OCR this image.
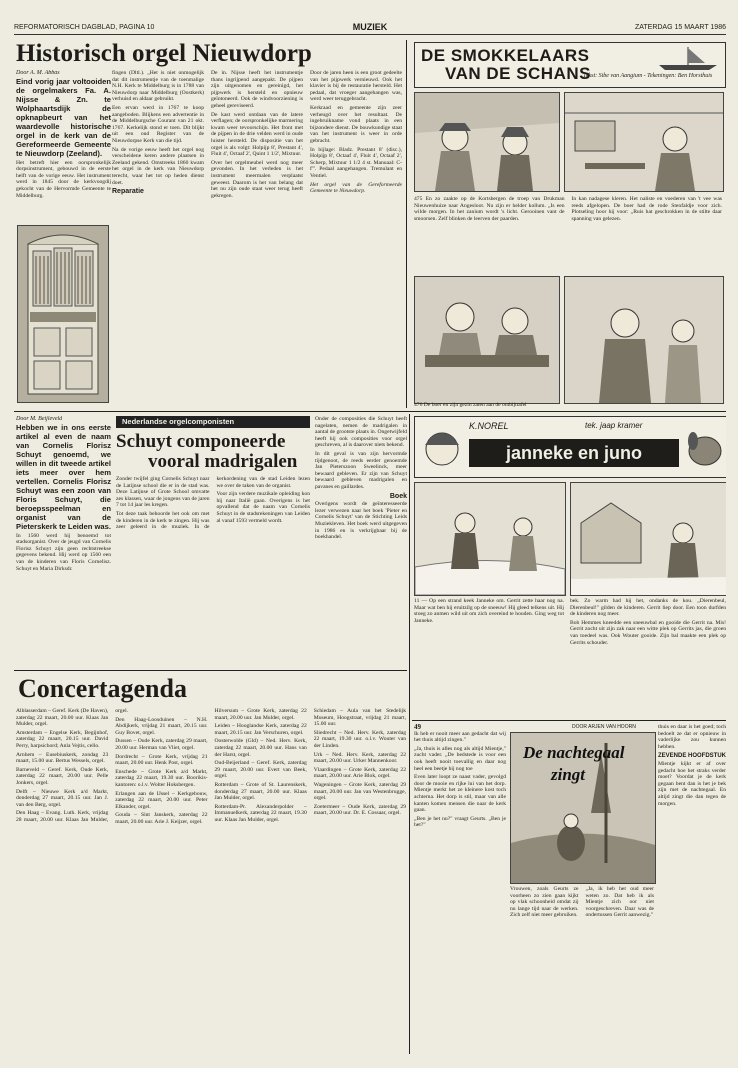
REFORMATORISCH DAGBLAD, PAGINA 10	MUZIEK	ZATERDAG 15 MAART 1986
Historisch orgel Nieuwdorp
Door A. M. Abbas

Eind vorig jaar voltooiden de orgelmakers Fa. A. Nijsse & Zn. te Wolphaartsdijk de opknapbeurt van het waardevolle historische orgel in de kerk van de Gereformeerde Gemeente te Nieuwdorp (Zeeland).

Het betreft hier een oorspronkelijk dorpsinstrument, gebouwd in de eerste helft van de vorige eeuw. Het instrument werd in 1845 door de kerkvoogdij gekocht van de Hervormde Gemeente te Middelburg.

fingen (Dltl.). „Het is niet onmogelijk dat dit instrumentje van de toenmalige N.H. Kerk te Middelburg is in 1788 van Nieuwdorp naar Middelburg (Oostkerk) verhuisd en aldaar gebruikt.

Een ervan werd in 1767 te koop aangeboden. Blijkens een advertentie in de Middelburgsche Courant van 21 okt. 1767. Kerkelijk stond er toen. Dit blijkt uit een oud Register van de Nieuwdorpse Kerk van die tijd.

Na de vorige eeuw heeft het orgel nog verscheidene keren andere plaatsen in Zeeland gekend. Omstreeks 1860 kwam het orgel in de kerk van Nieuwdorp terecht, waar het tot op heden dienst doet.

Reparatie

De in. Nijsse heeft het instrumentje thans ingrijpend aangepakt. De pijpen zijn uitgenomen en gereinigd, het pijpwerk is hersteld en opnieuw geïntoneerd. Ook de windvoorziening is geheel gereviseerd.

De kast werd ontdaan van de latere verflagen; de oorspronkelijke marmering kwam weer tevoorschijn. Het front met de pijpen in de drie velden werd in oude luister hersteld. De dispositie van het orgel is als volgt: Holpijp 8', Prestant 4', Fluit 4', Octaaf 2', Quint 1 1/2', Mixtuur.

Over het orgelmeubel werd nog meer gevonden. In het verleden is het instrument meermalen verplaatst geweest. Daarom is het van belang dat het nu zijn oude staat weer terug heeft gekregen.

Door de jaren heen is een groot gedeelte van het pijpwerk vernieuwd. Ook het klavier is bij de restauratie hersteld. Het pedaal, dat vroeger aangehangen was, werd weer teruggebracht.

Kerkraad en gemeente zijn zeer verheugd over het resultaat. De ingebruikname vond plaats in een bijzondere dienst. De bouwkundige staat van het instrument is weer in orde gebracht.

In bijlage: Bladz. Prestant 8' (disc.), Holpijp 8', Octaaf 4', Fluit 4', Octaaf 2', Scherp, Mixtuur 1 1/2 4 st. Manuaal: C-f'''. Pedaal aangehangen. Tremulant en Ventiel.

Het orgel van de Gereformeerde Gemeente te Nieuwdorp.

DE SMOKKELAARS
VAN DE SCHANS
Tekst: Sibe van Aangium - Tekeningen: Ben Horsthuis

475 En zo zaakte op de Kortsbergen de troep van Drukman Nieuwenhuize naar Angesloot. Nu zijn er helder kollum. „Is een wilde morgen. In het zanium wordt 's licht. Gerooinen vant de smoorsen. Zelf blinken de leerven der paarden.

In kan nadagese kleren. Het naliste en voederen van 't vee was reeds afgelopen. De boer had de rode Stenfaldje voor zich. Plotseling hoor hij voor: „Ruis hat geschrokken in de stilte daar spanning van gelezen.

476 De boer en zijn gezin zaten aan de ontbijttafel
Door M. Beijleveld

Hebben we in ons eerste artikel al even de naam van Cornelis Florisz Schuyt genoemd, we willen in dit tweede artikel iets meer over hem vertellen. Cornelis Florisz Schuyt was een zoon van Floris Schuyt, die beroepsspeelman en organist van de Pieterskerk te Leiden was.

In 1560 werd hij benoemd tot stadsorganist. Over de jeugd van Cornelis Florisz Schuyt zijn geen rechtstreekse gegevens bekend. Hij werd op 1560 een van de kinderen van Floris Cornelisz. Schuyt en Maria Dirksdr.

Nederlandse orgelcomponisten
Schuyt componeerde
vooral madrigalen

Zonder twijfel ging Cornelis Schuyt naar de Latijnse school die er in de stad was. Deze Latijnse of Grote School omvatte zes klassen, waar de jongens van de jaren 7 tot 14 jaar les kregen.

Tot deze taak behoorde het ook om met de kinderen in de kerk te zingen. Hij was zeer geleerd in de muziek. In de kerkordening van de stad Leiden lezen we over de taken van de organist.

Voor zijn verdere muzikale opleiding kon hij naar Italië gaan. Overigens is het opvallend dat de naam van Cornelis Schuyt in de stadsrekeningen van Leiden al vanaf 1593 vermeld wordt.

Onder de composities die Schuyt heeft nagelaten, nemen de madrigalen in aantal de grootste plaats in. Ongetwijfeld heeft hij ook composities voor orgel geschreven, al is daarover niets bekend.

In dit geval is van zijn hervormde tijdgenoot, de reeds eerder genoemde Jan Pieterszoon Sweelinck, meer bewaard gebleven. Er zijn van Schuyt bewaard gebleven madrigalen en pavanes en gaillardes.

Boek

Overigens wordt de geïnteresseerde lezer verwezen naar het boek 'Pieter en Cornelis Schuyt' van de Stichting Leids Muziekleven. Het boek werd uitgegeven in 1986 en is verkrijgbaar bij de boekhandel.

Concertagenda

Alblasserdam – Geref. Kerk (De Haven), zaterdag 22 maart, 20.00 uur. Klaas Jan Mulder, orgel.

Amsterdam – Engelse Kerk, Begijnhof, zaterdag 22 maart, 20.15 uur. David Perry, harpsichord; Anla Vejtis, cello.

Arnhem – Eusebiuskerk, zondag 23 maart, 15.00 uur. Bertus Wessels, orgel.

Barneveld – Geref. Kerk, Oude Kerk, zaterdag 22 maart, 20.00 uur. Pelle Jonkers, orgel.

Delft – Nieuwe Kerk a/d Markt, donderdag 27 maart, 20.15 uur. Jan J. van den Berg, orgel.

Den Haag – Evang. Luth. Kerk, vrijdag 28 maart, 20.00 uur. Klaas Jan Mulder, orgel.

Den Haag-Loosduinen – N.H. Abdijkerk, vrijdag 21 maart, 20.15 uur. Guy Bovet, orgel.

Dussen – Oude Kerk, zaterdag 29 maart, 20.00 uur. Herman van Vliet, orgel.

Dordrecht – Grote Kerk, vrijdag 21 maart, 20.00 uur. Henk Post, orgel.

Enschede – Grote Kerk a/d Markt, zaterdag 22 maart, 19.30 uur. Boorikis-kantoren: o.l.v. Wolter Hoksbergen.

Erlangen aan de IJssel – Kerkgebouw, zaterdag 22 maart, 20.00 uur. Peter Elkander, orgel.

Gouda – Sint Janskerk, zaterdag 22 maart, 20.00 uur. Arie J. Keijzer, orgel.

Hilversum – Grote Kerk, zaterdag 22 maart, 20.00 uur. Jan Mulder, orgel.

Leiden – Hooglandse Kerk, zaterdag 22 maart, 20.15 uur. Jan Verschuren, orgel.

Oosterwolde (Gld) – Ned. Herv. Kerk, zaterdag 22 maart, 20.00 uur. Hans van der Harst, orgel.

Oud-Beijerland – Geref. Kerk, zaterdag 29 maart, 20.00 uur. Evert van Beek, orgel.

Rotterdam – Grote of St. Laurenskerk, donderdag 27 maart, 20.00 uur. Klaas Jan Mulder, orgel.

Rotterdam-Pr. Alexanderpolder – Immanuelkerk, zaterdag 22 maart, 19.30 uur. Klaas Jan Mulder, orgel.

Schiedam – Aula van het Stedelijk Museum, Hoogstraat, vrijdag 21 maart, 15.00 uur.

Sliedrecht – Ned. Herv. Kerk, zaterdag 22 maart, 19.30 uur. o.l.v. Wouter van der Linden.

Urk – Ned. Herv. Kerk, zaterdag 22 maart, 20.00 uur. Urker Mannenkoor.

Vlaardingen – Grote Kerk, zaterdag 22 maart, 20.00 uur. Arie Blok, orgel.

Wageningen – Grote Kerk, zaterdag 29 maart, 20.00 uur. Jan van Westenbrugge, orgel.

Zoetermeer – Oude Kerk, zaterdag 29 maart, 20.00 uur. Dr. E. Cossaar, orgel.

K.NOREL	tek. jaap kramer
janneke en juno
11 — Op een strand keek Janneke om. Gerrit zette haar nog na. Maar wat ben hij eruitzilg op de sneeuw! Hij gleed telkens uit. Hij stoeg zo anmen wild uit om zich overeind te houden. Ging weg tot Janneke.

bek. Zo warm had hij het, ondanks de kou. „Dierenbeul, Dierenbeul!" gilden de kinderen. Gerrit liep door. Een toon durfden de kinderen nog meer.

Bob Hemmes kneedde een sneeuwbal en gooide die Gerrit na. Mis! Gerrit zocht uit zijn zak naar een witte plek op Gerrits jas, die groen van toedeel was. Ook Wouter gooide. Zijn bal maakte een plek op Gerrits schouder.

49

Ik heb er nooit meer aan gedacht dat wij het thuis altijd zingen."

„Ja, thuis is alles nog als altijd Mientje," zucht vader. „De bedstede is voor een ook heeft nooit toevallig en daar nog heel een beetje hij nog toe

Even later loopt ze naast vader, gevolgd door de mooie en rijke lui van het dorp. Mientje merkt het ze kleinere kost toch achterna. Het dorp is stil, maar van alle kanten komen mensen die naar de kerk gaan.

„Ben je het nu?" vraagt Geurts. „Ben je het?"

DOOR ARJEN VAN HOORN
De nachtegaal
zingt

Vrouwen, zoals Geurts ze voorheen zo zien gaan kijkt op vlak schoonheid omdat zij nu lange tijd naar de werken. Zich zelf niet meer gebruiken.

„Ja, ik heb het oud meer weten zo. Dat heb ik als Mientje zich oor niet voorgeschreven. Daar was de ondertussen Gerrit aanwezig."

thuis en daar is het goed; toch bedoelt ze dat er opnieuw in vaderlijke zou kunnen hebben.

ZEVENDE HOOFDSTUK

Mientje kijkt er af over gedacht hoe het straks verder moet? Voordat je de kerk gegaan bent dan is het je bek zijn met de nachtegaal. En altijd zingt die dan tegen de morgen.
